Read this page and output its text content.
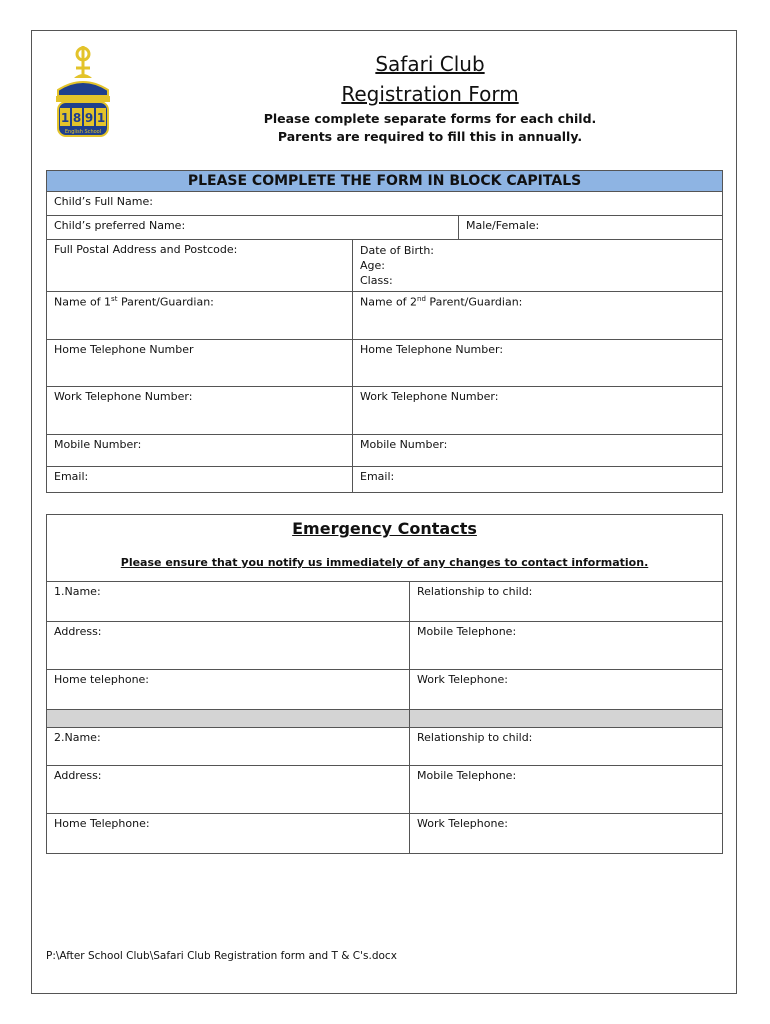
1 8 9 1
English School
Safari Club
Registration Form
Please complete separate forms for each child.
Parents are required to fill this in annually.
PLEASE COMPLETE THE FORM IN BLOCK CAPITALS		
Child’s Full Name:		
Child’s preferred Name:		Male/Female:
Full Postal Address and Postcode:	Date of Birth:
Age:
Class:	

Name of 1st Parent/Guardian:	Name of 2nd Parent/Guardian:	
Home Telephone Number	Home Telephone Number:	
Work Telephone Number:	Work Telephone Number:	
Mobile Number:	Mobile Number:	
Email:	Email:	
Emergency Contacts
Please ensure that you notify us immediately of any changes to contact information.	

1.Name:	Relationship to child:
Address:	Mobile Telephone:
Home telephone:	Work Telephone:

2.Name:	Relationship to child:
Address:	Mobile Telephone:
Home Telephone:	Work Telephone:
P:\After School Club\Safari Club Registration form and T & C's.docx
